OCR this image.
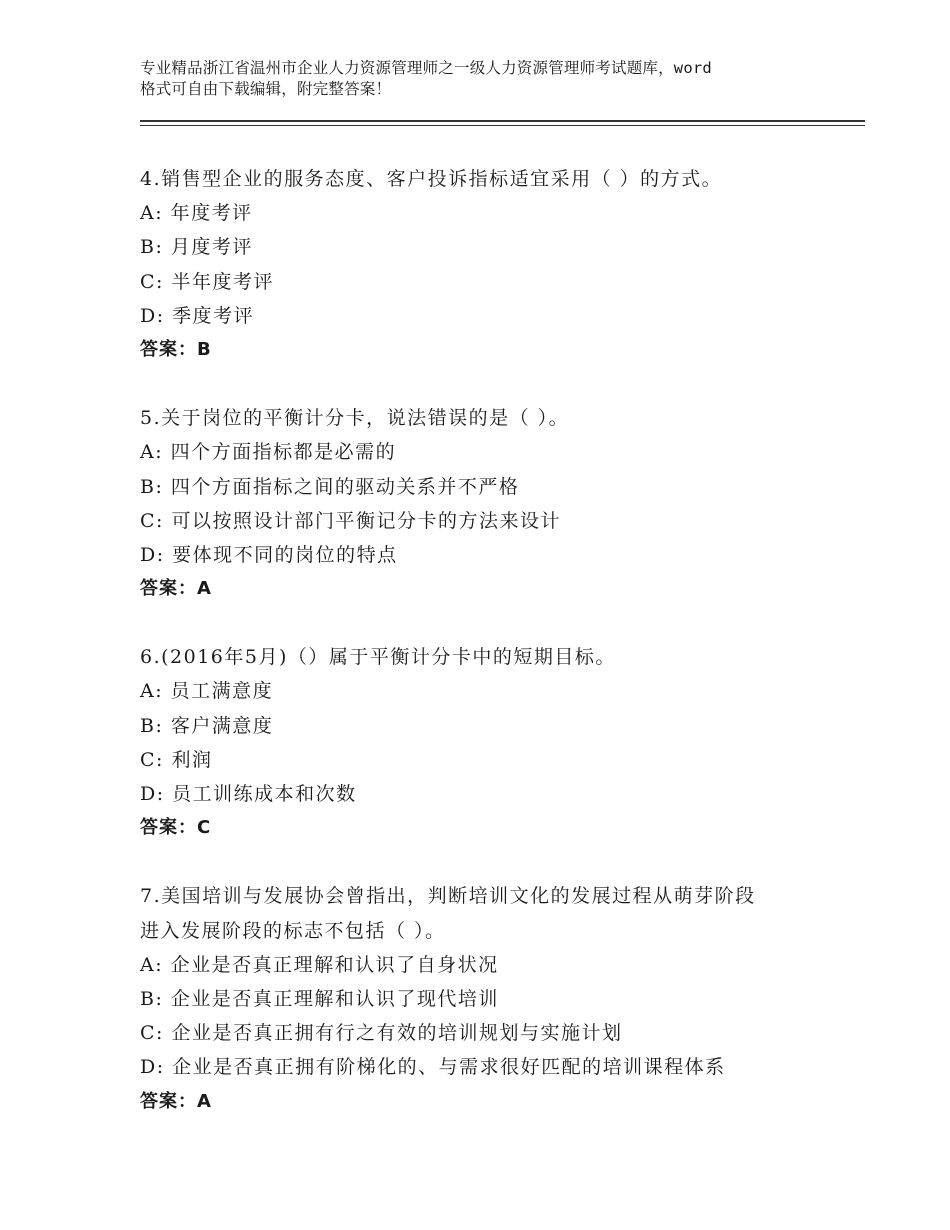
专业精品浙江省温州市企业人力资源管理师之一级人力资源管理师考试题库，word
格式可自由下载编辑，附完整答案！
4.销售型企业的服务态度、客户投诉指标适宜采用（ ）的方式。
A: 年度考评
B: 月度考评
C: 半年度考评
D: 季度考评
答案：B
5.关于岗位的平衡计分卡，说法错误的是（ ）。
A: 四个方面指标都是必需的
B: 四个方面指标之间的驱动关系并不严格
C: 可以按照设计部门平衡记分卡的方法来设计
D: 要体现不同的岗位的特点
答案：A
6.(2016年5月)（）属于平衡计分卡中的短期目标。
A: 员工满意度
B: 客户满意度
C: 利润
D: 员工训练成本和次数
答案：C
7.美国培训与发展协会曾指出，判断培训文化的发展过程从萌芽阶段
进入发展阶段的标志不包括（ ）。
A: 企业是否真正理解和认识了自身状况
B: 企业是否真正理解和认识了现代培训
C: 企业是否真正拥有行之有效的培训规划与实施计划
D: 企业是否真正拥有阶梯化的、与需求很好匹配的培训课程体系
答案：A
